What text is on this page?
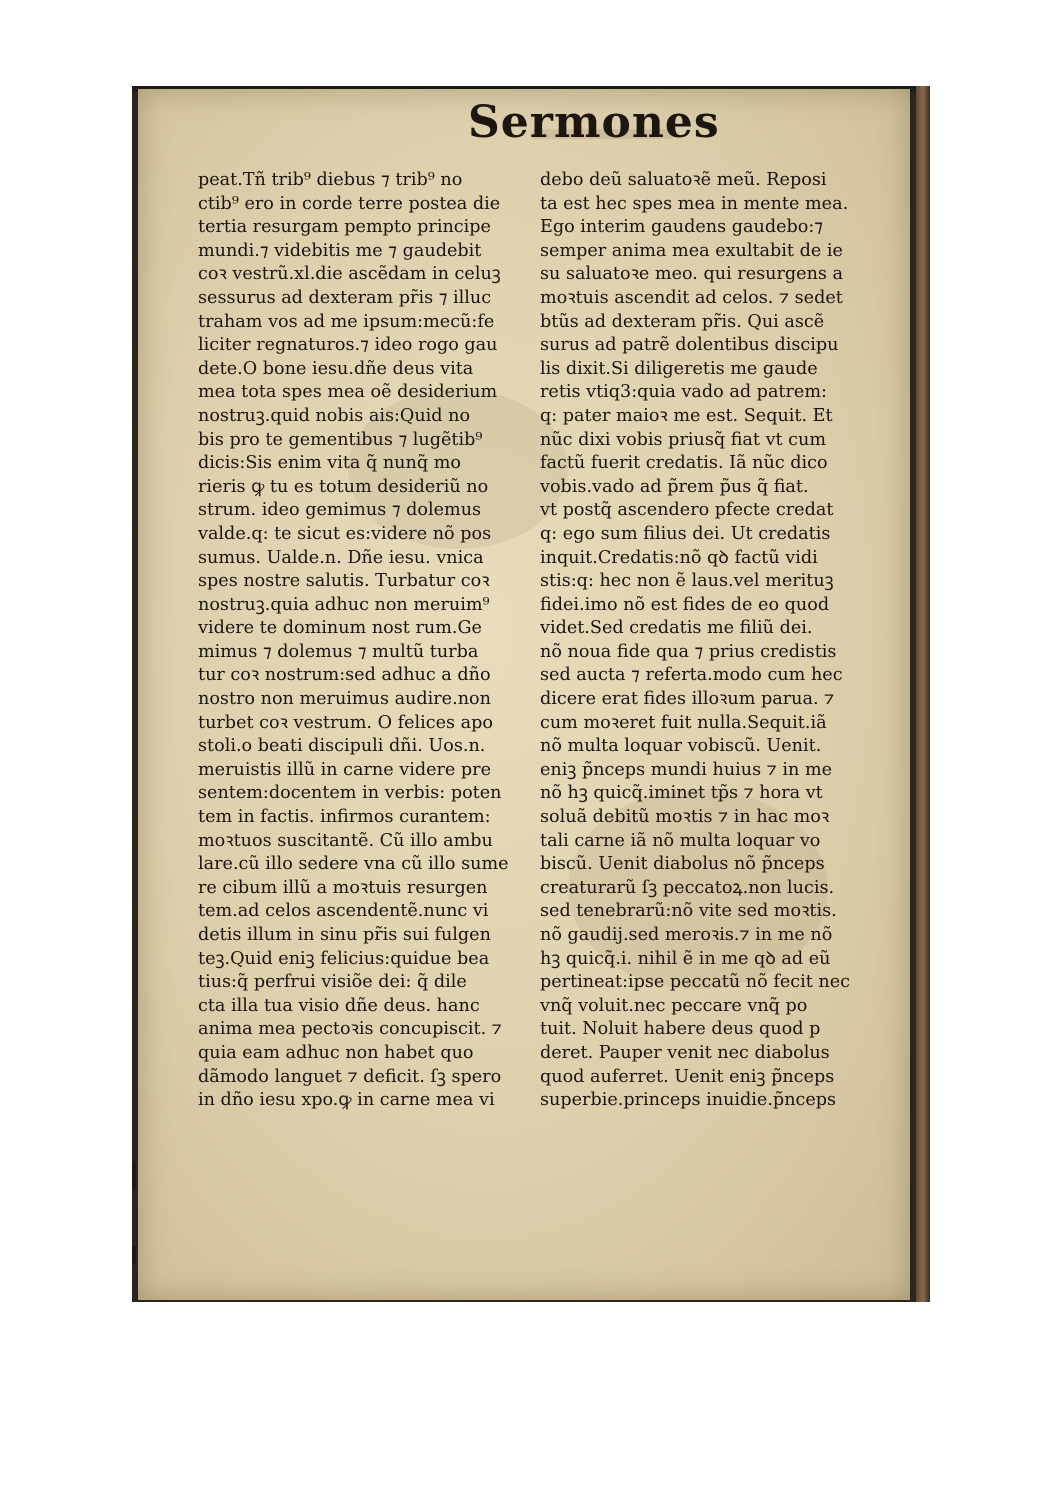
Sermones
peat.Tñ trib⁹ diebus ⁊ trib⁹ no
ctib⁹ ero in corde terre postea die
tertia resurgam pempto principe
mundi.⁊ videbitis me ⁊ gaudebit
coꝛ vestrũ.xl.die ascẽdam in celuꝫ
sessurus ad dexteram pr̃is ⁊ illuc
traham vos ad me ipsum:mecũ:fe
liciter regnaturos.⁊ ideo rogo gau
dete.O bone iesu.dñe deus vita
mea tota spes mea oẽ desiderium
nostruꝫ.quid nobis ais:Quid no
bis pro te gementibus ⁊ lugẽtib⁹
dicis:Sis enim vita q̃ nunq̃ mo
rieris ꝙ tu es totum desideriũ no
strum. ideo gemimus ⁊ dolemus
valde.q: te sicut es:videre nõ pos
sumus. Ualde.n. Dñe iesu. vnica
spes nostre salutis. Turbatur coꝛ
nostruꝫ.quia adhuc non meruim⁹
videre te dominum nost rum.Ge
mimus ⁊ dolemus ⁊ multũ turba
tur coꝛ nostrum:sed adhuc a dño
nostro non meruimus audire.non
turbet coꝛ vestrum. O felices apo
stoli.o beati discipuli dñi. Uos.n.
meruistis illũ in carne videre pre
sentem:docentem in verbis: poten
tem in factis. infirmos curantem:
moꝛtuos suscitantẽ. Cũ illo ambu
lare.cũ illo sedere vna cũ illo sume
re cibum illũ a moꝛtuis resurgen
tem.ad celos ascendentẽ.nunc vi
detis illum in sinu pr̃is sui fulgen
teꝫ.Quid eniꝫ felicius:quidue bea
tius:q̃ perfrui visiõe dei: q̃ dile
cta illa tua visio dñe deus. hanc
anima mea pectoꝛis concupiscit. ⁊
quia eam adhuc non habet quo
dãmodo languet ⁊ deficit. ſꝫ spero
in dño iesu xpo.ꝙ in carne mea vi
debo deũ saluatoꝛẽ meũ. Reposi
ta est hec spes mea in mente mea.
Ego interim gaudens gaudebo:⁊
semper anima mea exultabit de ie
su saluatoꝛe meo. qui resurgens a
moꝛtuis ascendit ad celos. ⁊ sedet
btũs ad dexteram pr̃is. Qui ascẽ
surus ad patrẽ dolentibus discipu
lis dixit.Si diligeretis me gaude
retis vtiq3:quia vado ad patrem:
q: pater maioꝛ me est. Sequit. Et
nũc dixi vobis priusq̃ fiat vt cum
factũ fuerit credatis. Iã nũc dico
vobis.vado ad p̃rem p̃us q̃ fiat.
vt postq̃ ascendero pfecte credat
q: ego sum filius dei. Ut credatis
inquit.Credatis:nõ qꝺ factũ vidi
stis:q: hec non ẽ laus.vel merituꝫ
fidei.imo nõ est fides de eo quod
videt.Sed credatis me filiũ dei.
nõ noua fide qua ⁊ prius credistis
sed aucta ⁊ referta.modo cum hec
dicere erat fides illoꝛum parua. ⁊
cum moꝛeret fuit nulla.Sequit.iã
nõ multa loquar vobiscũ. Uenit.
eniꝫ p̃nceps mundi huius ⁊ in me
nõ hꝫ quicq̃.iminet tp̃s ⁊ hora vt
soluã debitũ moꝛtis ⁊ in hac moꝛ
tali carne iã nõ multa loquar vo
biscũ. Uenit diabolus nõ p̃nceps
creaturarũ ſꝫ peccatoꝝ.non lucis.
sed tenebrarũ:nõ vite sed moꝛtis.
nõ gaudij.sed meroꝛis.⁊ in me nõ
hꝫ quicq̃.i. nihil ẽ in me qꝺ ad eũ
pertineat:ipse peccatũ nõ fecit nec
vnq̃ voluit.nec peccare vnq̃ po
tuit. Noluit habere deus quod p
deret. Pauper venit nec diabolus
quod auferret. Uenit eniꝫ p̃nceps
superbie.princeps inuidie.p̃nceps
